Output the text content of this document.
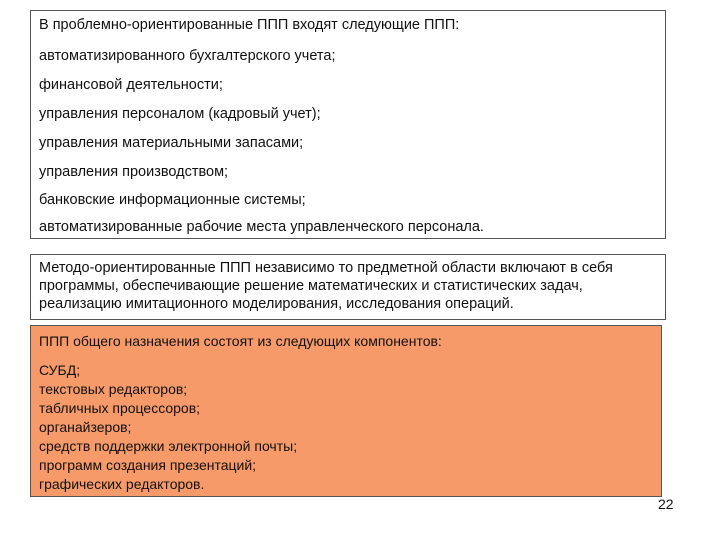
В проблемно-ориентированные ППП входят следующие ППП:
автоматизированного бухгалтерского учета;
финансовой деятельности;
управления персоналом (кадровый учет);
управления материальными запасами;
управления производством;
банковские информационные системы;
автоматизированные рабочие места управленческого персонала.

Методо-ориентированные ППП независимо то предметной области включают в себя программы, обеспечивающие решение математических и статистических задач, реализацию имитационного моделирования, исследования операций.

ППП общего назначения состоят из следующих компонентов:
СУБД;
текстовых редакторов;
табличных процессоров;
органайзеров;
средств поддержки электронной почты;
программ создания презентаций;
графических редакторов.
22
